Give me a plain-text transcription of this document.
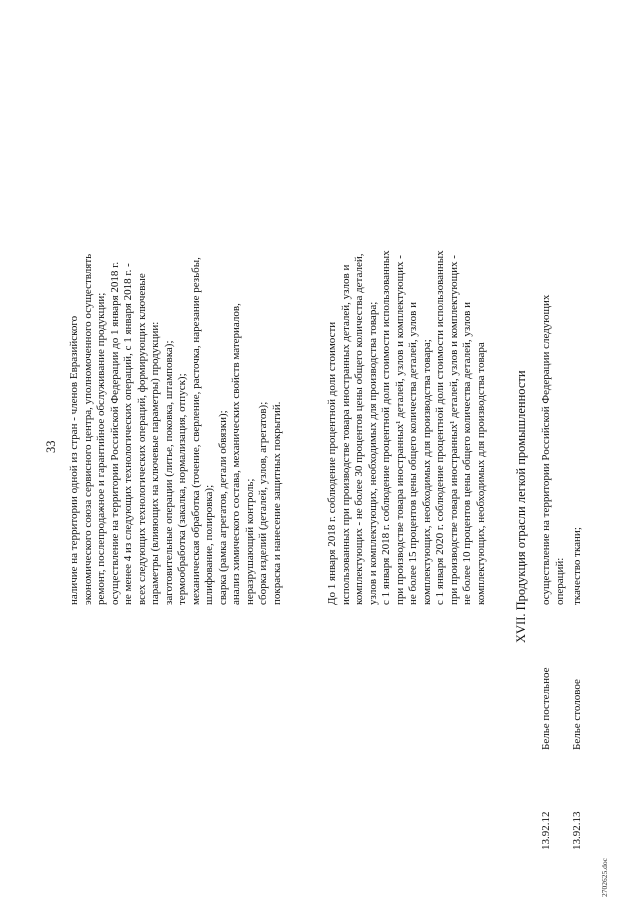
33 наличие на территории одной из стран - членов Евразийского экономического союза сервисного центра, уполномоченного осуществлять ремонт, послепродажное и гарантийное обслуживание продукции; осуществление на территории Российской Федерации до 1 января 2018 г. не менее 4 из следующих технологических операций, с 1 января 2018 г. - всех следующих технологических операций, формирующих ключевые параметры (влияющих на ключевые параметры) продукции: заготовительные операции (литье, поковка, штамповка); термообработка (закалка, нормализация, отпуск); механическая обработка (точение, сверление, расточка, нарезание резьбы, шлифование, полировка); сварка (рамка агрегатов, детали обвязки); анализ химического состава, механических свойств материалов, неразрушающий контроль; сборка изделий (деталей, узлов, агрегатов); покраска и нанесение защитных покрытий.	До 1 января 2018 г. соблюдение процентной доли стоимости использованных при производстве товара иностранных деталей, узлов и комплектующих - не более 30 процентов цены общего количества деталей, узлов и комплектующих, необходимых для производства товара; с 1 января 2018 г. соблюдение процентной доли стоимости использованных при производстве товара иностранных¹ деталей, узлов и комплектующих - не более 15 процентов цены общего количества деталей, узлов и комплектующих, необходимых для производства товара; с 1 января 2020 г. соблюдение процентной доли стоимости использованных при производстве товара иностранных¹ деталей, узлов и комплектующих - не более 10 процентов цены общего количества деталей, узлов и комплектующих, необходимых для производства товара XVII. Продукция отрасли легкой промышленности
13.92.12
Белье постельное
осуществление на территории Российской Федерации следующих операций:
13.92.13
Белье столовое
ткачество ткани;
2702625.doc
